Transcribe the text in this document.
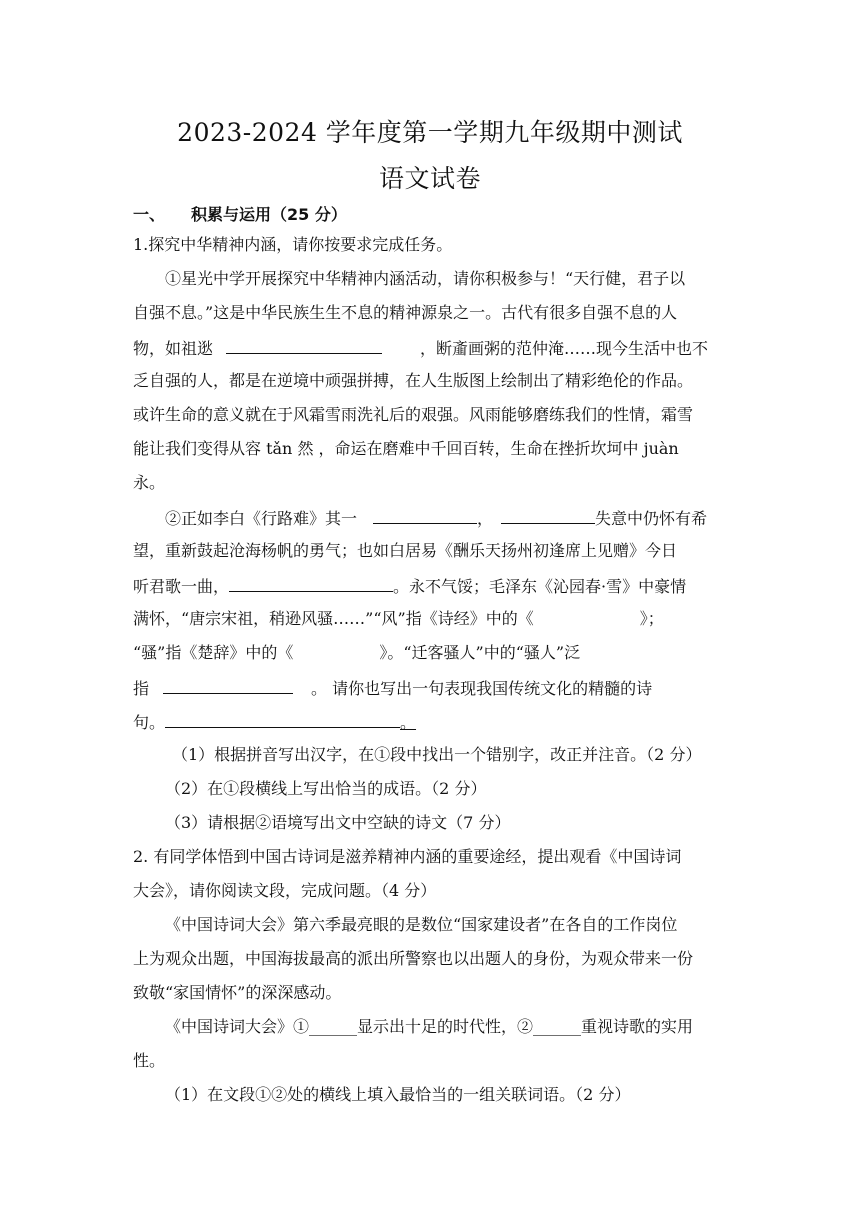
2023-2024 学年度第一学期九年级期中测试
语文试卷
一、 积累与运用（25 分）
1.探究中华精神内涵，请你按要求完成任务。
①星光中学开展探究中华精神内涵活动，请你积极参与！“天行健，君子以
自强不息。”这是中华民族生生不息的精神源泉之一。古代有很多自强不息的人
物，如祖逖	，断齑画粥的范仲淹……现今生活中也不
乏自强的人，都是在逆境中顽强拼搏，在人生版图上绘制出了精彩绝伦的作品。
或许生命的意义就在于风霜雪雨洗礼后的艰强。风雨能够磨练我们的性情，霜雪
能让我们变得从容 tǎn 然 ，命运在磨难中千回百转，生命在挫折坎坷中 juàn
永。
②正如李白《行路难》其一	，	失意中仍怀有希
望，重新鼓起沧海杨帆的勇气；也如白居易《酬乐天扬州初逢席上见赠》今日
听君歌一曲，	。永不气馁；毛泽东《沁园春·雪》中豪情
满怀，“唐宗宋祖，稍逊风骚……”“风”指《诗经》中的《	》；
“骚”指《楚辞》中的《	》。“迁客骚人”中的“骚人”泛
指	。 请你也写出一句表现我国传统文化的精髓的诗
句。	。
（1）根据拼音写出汉字，在①段中找出一个错别字，改正并注音。（2 分）
（2）在①段横线上写出恰当的成语。（2 分）
（3）请根据②语境写出文中空缺的诗文（7 分）
2. 有同学体悟到中国古诗词是滋养精神内涵的重要途经，提出观看《中国诗词
大会》，请你阅读文段，完成问题。（4 分）
《中国诗词大会》第六季最亮眼的是数位“国家建设者”在各自的工作岗位
上为观众出题，中国海拔最高的派出所警察也以出题人的身份，为观众带来一份
致敬“家国情怀”的深深感动。
《中国诗词大会》①______显示出十足的时代性，②______重视诗歌的实用
性。
（1）在文段①②处的横线上填入最恰当的一组关联词语。（2 分）
